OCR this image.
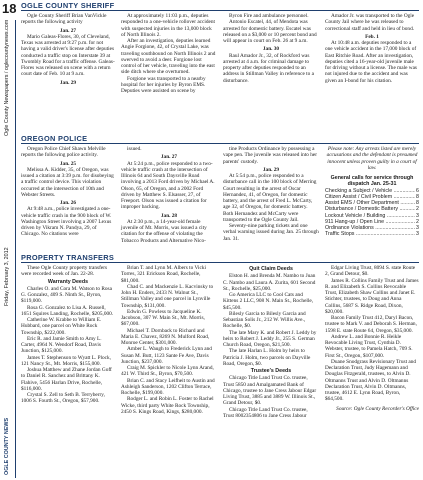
18
Ogle County Newspapers / oglecountynews.com
Friday, February 3, 2012
OGLE COUNTY NEWS
OGLE COUNTY SHERIFF

Ogle County Sheriff Brian VanVickle reports the following activity

Jan. 27

Mario Galeas-Flores, 30, of Cleveland, Texas was arrested at 9:27 p.m. for not having a valid driver's license after deputies conducted a traffic stop on Interstate 39 at Twombly Road for a traffic offense. Galeas-Flores was released on scene with a return court date of Feb. 10 at 9 a.m.

Jan. 29

At approximately 11:03 p.m., deputies responded to a one-vehicle rollover accident with suspected injuries in the 13,000 block of North Illinois 2.

After an investigation, deputies learned Angie Forgione, 42, of Crystal Lake, was traveling southbound on North Illinois 2 and swerved to avoid a deer. Forgione lost control of her vehicle, traveling into the east side ditch where she overturned.

Forgione was transported to a nearby hospital for her injuries by Byron EMS. Deputies were assisted on scene by

Byron Fire and ambulance personnel.

Antonio Escatel, 44, of Mendota was arrested for domestic battery. Escatel was released on a $3,000 or 10 percent bond and will appear in court on Feb. 26 at 9 a.m.

Jan. 30

Raul Amador Jr., 32, of Rockford was arrested at 4 a.m. for criminal damage to property after deputies responded to an address in Stillman Valley in reference to a disturbance.

Amador Jr. was transported to the Ogle County Jail where he was released to correctional staff and held in lieu of bond.

Feb. 1

At 10:48 a.m. deputies responded to a one vehicle accident in the 17,000 block of East Ritchie Road. After an investigation, deputies cited a 16-year-old juvenile male for driving without a license. The male was not injured due to the accident and was given an I-bond for his citation.

OREGON POLICE

Oregon Police Chief Shawn Melville reports the following police activity.

Jan. 25

Melissa A. Kidder, 35, of Oregon, was issued a citation at 3:39 p.m. for disobeying a traffic control device. This violation occurred at the intersection of 10th and Webster Streets.

Jan. 26

At 9:48 a.m., police investigated a one-vehicle traffic crash in the 900 block of W. Washington Street involving a 2007 Lexus driven by Vikram N. Pandya, 29, of Chicago. No citations were

issued.

Jan. 27

At 5:24 p.m., police responded to a two-vehicle traffic crash at the intersection of Illinois 64 and South Daysville Road involving a 2013 Ford driven by Michael A. Olson, 65, of Oregon, and a 2002 Ford driven by Matthew S. Elsasser, 27, of Freeport. Olson was issued a citation for improper backing.

Jan. 28

At 2:30 p.m., a 14-year-old female juvenile of Mt. Morris, was issued a city citation for the offense of violating the Tobacco Products and Alternative Nico-

tine Products Ordinance by possessing a vape pen. The juvenile was released into her parents' custody.

Jan. 29

At 5:54 p.m., police responded to a disturbance call in the 100 block of Merring Court resulting in the arrest of Oscar Hernandez, 41, of Oregon, for domestic battery, and the arrest of Fred L. McCarty, age 32, of Oregon, for domestic battery. Both Hernandez and McCarty were transported to the Ogle County Jail.

Seventy-nine parking tickets and one verbal warning issued during Jan. 25 through Jan. 31.

Please note: Any arrests listed are merely accusations and the defendant is presumed innocent unless proven guilty in a court of law.

General calls for service through dispatch Jan. 25-31

Checking a Subject / Vehicle .....	6
Citizen Assist / Civil Problem .....	8
Assist EMS / Other Department .....	8
Disturbance / Domestic Battery .....	2
Lockout Vehicle / Building .....	3
911 Hang-up / Open Line .....	2
Ordinance Violations .....	3
Traffic Stops .....	3
PROPERTY TRANSFERS

These Ogle County property transfers were recorded week of Jan. 22-28.

Warranty Deeds

Charles O. and Cora M. Watson to Rosa G. Gonzalez, 409 S. Ninth St., Byron, $119,000.

Rosa G. Gonzalez to Lisa A. Russell, 1651 Squires Landing, Rochelle, $205,000.

Catherine W. Krabbe to William E. Hubbard, one parcel on White Rock Township, $222,000.

Eric R. and Jamie Smith to Amy L. Carter, 4964 N. Wendorf Road, Davis Junction, $125,000.

James T. Stephenson to Wyatt L. Plock, 121 Nancy St., Mt. Morris, $155,000.

Joshua Matthew and Zhane Jordan Goff to Daniel R. Sanchez and Brittany K. Flahive, 5456 Harlan Drive, Rochelle, $116,000.

Crystal S. Zell to Seth B. Terryberry, 1006 S. Fourth St., Oregon, $57,900.

Brian T. and Lynn M. Albers to Vicki Torres, 321 Erickson Road, Rochelle, $81,000.

Chad C. and Mackenzie L. Kacvinsky to John H. Enders, 2433 N. Walnut St., Stillman Valley and one parcel in Lynville Township, $131,000.

Edwin G. Powless to Jacqueline K. Jacobson, 307 W. Main St., Mt. Morris, $67,000.

Michael T. Dornback to Richard and Maria E. Chavez, 8269 N. Mulford Road, Monroe Center, $301,000.

Amber L. Waugh to Frederick Lynn and Susan M. Butt, 1123 Sante Fe Ave, Davis Junction, $237,000.

Craig M. Spickler to Nicole Lynn Arand, 421 W. Third St., Byron, $70,500.

Brian C. and Stacy Leifheit to Austin and Ashleigh Sanderson, 1202 Clifton Terrace, Rochelle, $199,000.

Rodger L. and Robin L. Foster to Rachel Wicke, third party White Rock Township, 2450 S. Kings Road, Kings, $280,000.

Quit Claim Deeds

Elston H. and Brenda M. Nambo to Juan C. Nambo and Laura A. Zurita, 601 Second St., Rochelle, $25,000.

Go America LLC to Cool Cats and Kittens 2 LLC, 908 N. Main St., Rochelle, $45,500.

Bilesly Garcia to Bilesly Garcia and Sebastian Solis Jr., 212 W. Willis Ave., Rochelle, $0.

The late Mary K. and Robert J. Leddy by heirs to Robert J. Leddy Jr., 255 S. German Church Road, Oregon, $21,500.

The late Harlan L. Holm by heirs to Patricia J. Holm, two parcels on Dayville Road, Oregon, $0.

Trustee's Deeds

Chicago Title Land Trust Co. trustee, Trust 5850 and Amalgamated Bank of Chicago, trustee to Jane Cress Jabour Edgar Living Trust, 3885 and 3889 W. Illinois St., Grand Detour, $0.

Chicago Title Land Trust Co. trustee, Trust 8002354806 to Jane Cress Jabour

Edgar Living Trust, 8094 S. state Route 2, Grand Detour, $0.

James R. Collins Family Trust and James R. and Elizabeth S. Collins Revocable Trust, Elizabeth Shaw Collins and Janet E. Stichter, trustees, to Doug and Anna Collins, 5687 S. Ridge Road, Dixon, $20,000.

Bacon Family Trust 412, Daryl Bacon, trustee to Mark V. and Deborah S. Herman, 1598 E. state Route 64, Oregon, $35,000.

Andrew L. and Bonnie R. Heikle Revocable Living Trust, Cynthia D. Webster, trustee, to Pamela Hatch, 709 S. First St., Oregon, $107,000.

Duane Snodgrass Revisionary Trust and Declaration Trust, Judy Hagemann and Douglas Fitzgerald, trustees, to Alvin D. Oltmanns Trust and Alvin D. Oltmanns Declaration Trust, Alvin D. Oltmanns, trustee, 4612 E. Lynn Road, Byron, $64,500.

Source: Ogle County Recorder's Office
